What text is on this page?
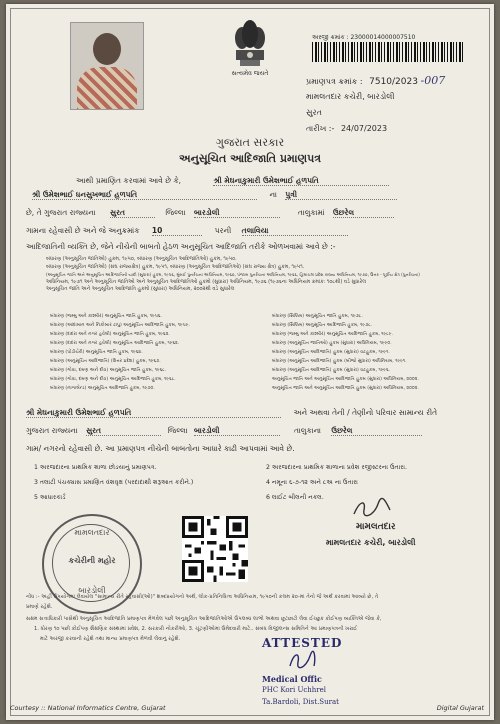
સત્યમેવ જયતે
અરજી ક્રમાંક : 23000014000007510
પ્રમાણપત્ર ક્રમાંક : 7510/2023 -007
મામલતદાર કચેરી, બારડોલી
સુરત
તારીખ :- 24/07/2023
ગુજરાત સરકાર
અનુસૂચિત આદિજાતિ પ્રમાણપત્ર
આથી પ્રમાણિત કરવામાં આવે છે કે,	શ્રી મેઘનાકુમારી ઉમેશભાઈ હળપતિ
શ્રી ઉમેશભાઈ ધનસુખભાઈ હળપતિ	ના પુત્રી
છે, તે ગુજરાત રાજ્યના સુરત	જિલ્લા બારડોલી	તાલુકામાં ઉછરેલ
ગામના રહેવાસી છે અને જે અનુક્રમાંક 10	પરની તલાવિયા
આદિજાતિની વ્યક્તિ છે, જેને નીચેની બાબતો હેઠળ અનુસૂચિત આદિજાતિ તરીકે ઓળખવામાં આવે છે :-
બંધારણ (અનુસૂચિત જાતિઓ) હુકમ, ૧૯૫૦, બંધારણ (અનુસૂચિત આદિજાતિઓ) હુકમ, ૧૯૫૦.
બંધારણ (અનુસૂચિત જાતિઓ) (સંઘ રાજ્યક્ષેત્ર) હુકમ, ૧૯૫૧, બંધારણ (અનુસૂચિત આદિજાતિઓ) (સંઘ રાજ્ય ક્ષેત્ર) હુકમ, ૧૯૫૧.
(અનુસૂચિત જાતિ અને અનુસૂચિત આદિજાતિની યાદી (સુધારા) હુકમ, ૧૯૫૬, મુંબઈ પુનર્રચના અધિનિયમ, ૧૯૬૦, પંજાબ પુનર્રચના અધિનિયમ, ૧૯૬૬, હિમાચલ પ્રદેશ રાજ્ય અધિનિયમ, ૧૯૭૦, ઉત્તર - પૂર્વીય ક્ષેત્ર (પુનર્રચના)
અધિનિયમ, ૧૯૭૧ અને અનુસૂચિત જાતિઓ અને અનુસૂચિત આદિજાતિઓ હુકમો (સુધારા) અધિનિયમ, ૧૯૭૬ (૧૯૭૬ના અધિનિયમ ક્રમાંક: ૧૦૮થી) વડે સુધારેલ
અનુસૂચિત જાતિ અને અનુસૂચિત આદિજાતિ હુકમો (સુધારા) અધિનિયમ, ૨૦૦૨થી વડે સુધારેલ
બંધારણ (જમ્મુ અને કાશ્મીર) અનુસૂચિત જાતિ હુકમ, ૧૯૫૬.
બંધારણ (આંદામાન અને નિકોબાર ટાપુ) અનુસૂચિત આદિજાતિ હુકમ, ૧૯૫૯.
બંધારણ (દાદરા અને નગર હવેલી) અનુસૂચિત જાતિ હુકમ, ૧૯૬૨.
બંધારણ (દાદરા અને નગર હવેલી) અનુસૂચિત આદિજાતિ હુકમ, ૧૯૬૨.
બંધારણ (પોંડીચેરી) અનુસૂચિત જાતિ હુકમ, ૧૯૬૪.
બંધારણ (અનુસૂચિત આદિજાતિ) (ઉત્તર પ્રદેશ) હુકમ, ૧૯૬૭.
બંધારણ (ગોવા, દમણ અને દીવ) અનુસૂચિત જાતિ હુકમ, ૧૯૬૮.
બંધારણ (ગોવા, દમણ અને દીવ) અનુસૂચિત આદિજાતિ હુકમ, ૧૯૬૮.
બંધારણ (નાગાલેન્ડ) અનુસૂચિત આદિજાતિ હુકમ, ૧૯૭૦.
બંધારણ (સિક્કિમ) અનુસૂચિત જાતિ હુકમ, ૧૯૭૮.
બંધારણ (સિક્કિમ) અનુસૂચિત આદિજાતિ હુકમ, ૧૯૭૮.
બંધારણ (જમ્મુ અને કાશ્મીર) અનુસૂચિત આદિજાતિ હુકમ, ૧૯૮૯.
બંધારણ (અનુસૂચિત જાતિઓ) હુકમ (સુધારા) અધિનિયમ, ૧૯૯૦.
બંધારણ (અનુસૂચિત આદિજાતિ) હુકમ (સુધારા) વટહુકમ, ૧૯૯૧.
બંધારણ (અનુસૂચિત આદિજાતિ) હુકમ (બીજો સુધારા) અધિનિયમ, ૧૯૯૧.
બંધારણ (અનુસૂચિત આદિજાતિ) હુકમ (સુધારા) વટહુકમ, ૧૯૯૬.
અનુસૂચિત જાતિ અને અનુસૂચિત આદિજાતિ હુકમ (સુધારા) અધિનિયમ, ૨૦૦૨.
અનુસૂચિત જાતિ અને અનુસૂચિત આદિજાતિ હુકમ (સુધારા) અધિનિયમ, ૨૦૦૨.
શ્રી મેઘનાકુમારી ઉમેશભાઈ હળપતિ	અને અથવા તેની / તેણીનો પરિવાર સામાન્ય રીતે
ગુજરાત રાજ્યના સુરત	જિલ્લા બારડોલી	તાલુકાના ઉછરેલ
ગામ/ નગરનો રહેવાસી છે. આ પ્રમાણપત્ર નીચેની બાબતોના આધારે કાઢી આપવામાં આવે છે.
1 અરજદારના પ્રાથમિક શાળા છોડયાનું પ્રમાણપત્ર.
3 તલાટી પંચક્યાસ પ્રમાણિત વંશવૃક્ષ (પરદાદાથી શરૂઆત કરીને.)
5 આધારકાર્ડ
2 અરજદારના પ્રાથમિક શાળાના પ્રવેશ રજીસ્ટરના ઉતારા.
4 નમૂના ૬-૭-૧૨ અને ૮અ ના ઉતારા
6 લાઈટ બીલની નકલ.
મામલતદાર
કચેરીની મહોર
બારડોલી
મામલતદાર
મામલતદાર કચેરી, બારડોલી
નોંધ :- અહીં ઉપયોગમાં લેવાયેલ "સામાન્ય રીતે રહેવાસી(ઓ)" શબ્દપ્રયોગનો અર્થ, લોક-પ્રતિનિધિત્વ અધિનિયમ, ૧૯૫૦ની કલમ ૨૦-માં તેનો જે અર્થ કરવામાં આવ્યો છે, તે
પ્રમાણે રહેશે.
સક્ષમ સત્તાધિકારી પાસેથી અનુસૂચિત આદિજાતિ પ્રમાણપત્ર મેળવેલ પછી અનુસૂચિત આદિજાતિઓએ ઉપલબ્ધ લાભો અથવા છૂટછાટો લેવા ઈચ્છુક કોઈપણ વ્યક્તિએ જેવા કે,
1. ધોરણ ૧૦ પછી કોઈપણ શૈક્ષણિક સંસ્થામાં પ્રવેશ, 2. સરકારી નોકરીઓ, 3. ચૂંટણીઓમાં ઉમેદવારી માટે.. સંબંધ વિજીલન્સ સમિતિને આ પ્રમાણપત્રની ખરાઈ
માટે અરજી કરવાની રહેશે તથા માન્ય પ્રમાણપત્ર મેળવી લેવાનું રહેશે.	ATTESTED
Medical Offic
PHC Kori Uchhrel
Ta.Bardoli, Dist.Surat
Courtesy :: National Informatics Centre, Gujarat	Digital Gujarat
